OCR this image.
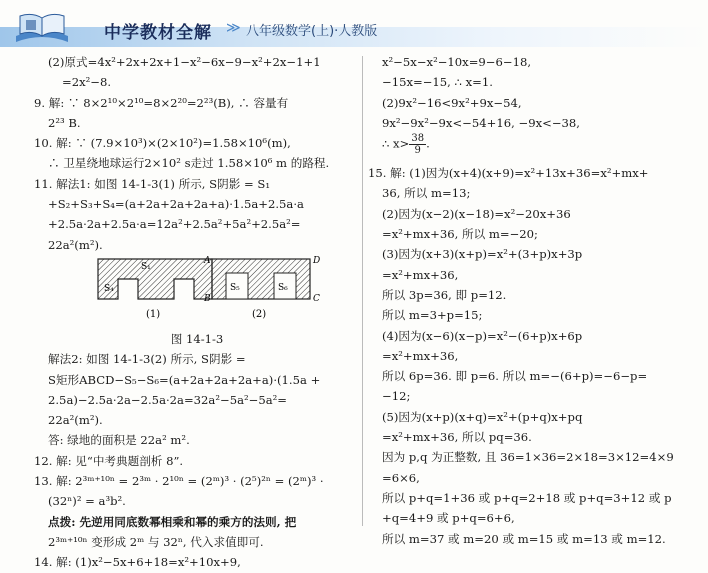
中学教材全解 ≫ 八年级数学(上)·人教版
(2)原式=4x²+2x+2x+1−x²−6x−9−x²+2x−1+1
=2x²−8.
9. 解: ∵ 8×2¹⁰×2¹⁰=8×2²⁰=2²³(B), ∴ 容量有
2²³ B.
10. 解: ∵ (7.9×10³)×(2×10²)=1.58×10⁶(m),
∴ 卫星绕地球运行2×10² s走过 1.58×10⁶ m 的路程.
11. 解法1: 如图 14-1-3(1) 所示, S阴影 = S₁
+S₂+S₃+S₄=(a+2a+2a+2a+a)·1.5a+2.5a·a
+2.5a·2a+2.5a·a=12a²+2.5a²+5a²+2.5a²=
22a²(m²).
S₁
S₄
(1)
S₅	S₆
A
B	C
D
(2)
图 14-1-3
解法2: 如图 14-1-3(2) 所示, S阴影 =
S矩形ABCD−S₅−S₆=(a+2a+2a+2a+a)·(1.5a +
2.5a)−2.5a·2a−2.5a·2a=32a²−5a²−5a²=
22a²(m²).
答: 绿地的面积是 22a² m².
12. 解: 见“中考典题剖析 8”.
13. 解: 2³ᵐ⁺¹⁰ⁿ = 2³ᵐ · 2¹⁰ⁿ = (2ᵐ)³ · (2⁵)²ⁿ = (2ᵐ)³ ·
(32ⁿ)² = a³b².
点拨: 先逆用同底数幂相乘和幂的乘方的法则, 把
2³ᵐ⁺¹⁰ⁿ 变形成 2ᵐ 与 32ⁿ, 代入求值即可.
14. 解: (1)x²−5x+6+18=x²+10x+9,
x²−5x−x²−10x=9−6−18,
−15x=−15, ∴ x=1.
(2)9x²−16<9x²+9x−54,
9x²−9x²−9x<−54+16, −9x<−38,
∴ $x> \frac{38}{9}$ .
15. 解: (1)因为(x+4)(x+9)=x²+13x+36=x²+mx+
36, 所以 m=13;
(2)因为(x−2)(x−18)=x²−20x+36
=x²+mx+36, 所以 m=−20;
(3)因为(x+3)(x+p)=x²+(3+p)x+3p
=x²+mx+36,
所以 3p=36, 即 p=12.
所以 m=3+p=15;
(4)因为(x−6)(x−p)=x²−(6+p)x+6p
=x²+mx+36,
所以 6p=36. 即 p=6. 所以 m=−(6+p)=−6−p=
−12;
(5)因为(x+p)(x+q)=x²+(p+q)x+pq
=x²+mx+36, 所以 pq=36.
因为 p,q 为正整数, 且 36=1×36=2×18=3×12=4×9
=6×6,
所以 p+q=1+36 或 p+q=2+18 或 p+q=3+12 或 p
+q=4+9 或 p+q=6+6,
所以 m=37 或 m=20 或 m=15 或 m=13 或 m=12.
